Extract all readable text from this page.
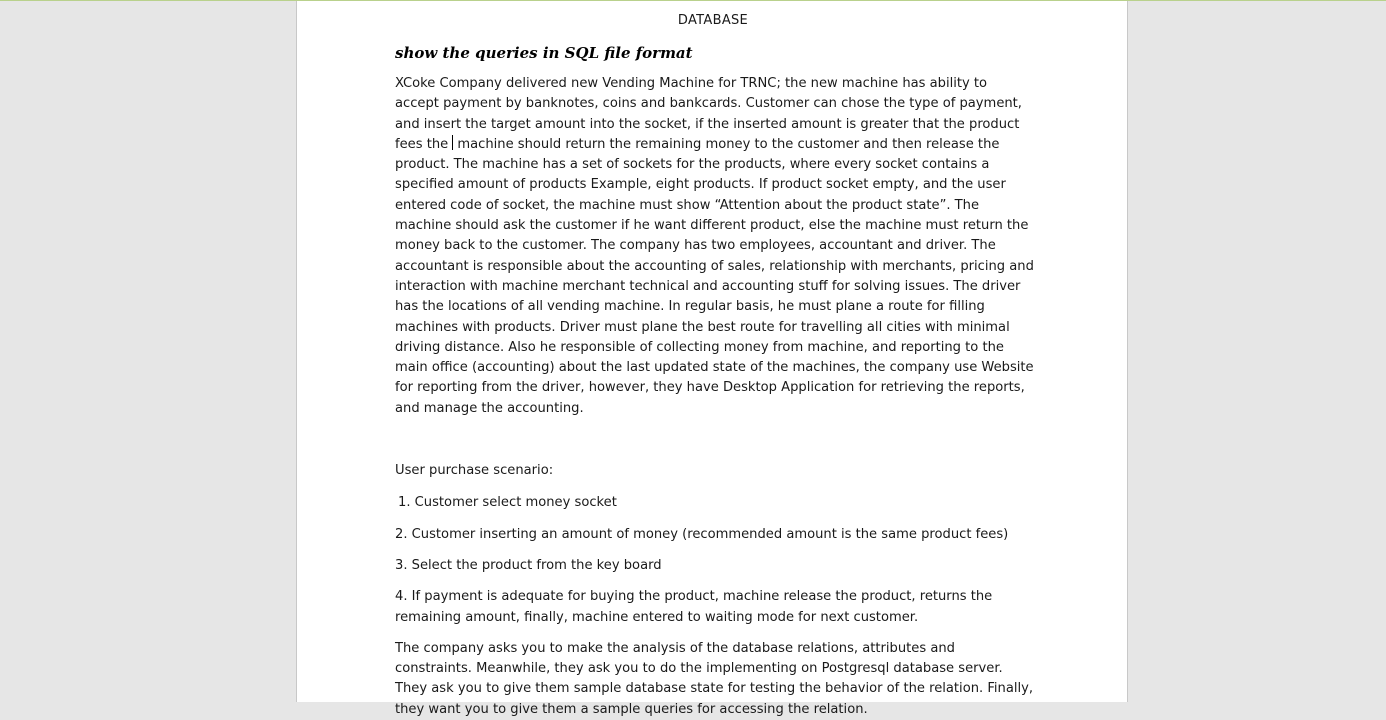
DATABASE
show the queries in SQL file format

XCoke Company delivered new Vending Machine for TRNC; the new machine has ability to accept payment by banknotes, coins and bankcards. Customer can chose the type of payment, and insert the target amount into the socket, if the inserted amount is greater that the product fees the machine should return the remaining money to the customer and then release the product. The machine has a set of sockets for the products, where every socket contains a specified amount of products Example, eight products. If product socket empty, and the user entered code of socket, the machine must show “Attention about the product state”. The machine should ask the customer if he want different product, else the machine must return the money back to the customer. The company has two employees, accountant and driver. The accountant is responsible about the accounting of sales, relationship with merchants, pricing and interaction with machine merchant technical and accounting stuff for solving issues. The driver has the locations of all vending machine. In regular basis, he must plane a route for filling machines with products. Driver must plane the best route for travelling all cities with minimal driving distance. Also he responsible of collecting money from machine, and reporting to the main office (accounting) about the last updated state of the machines, the company use Website for reporting from the driver, however, they have Desktop Application for retrieving the reports, and manage the accounting.

User purchase scenario:

1. Customer select money socket

2. Customer inserting an amount of money (recommended amount is the same product fees)

3. Select the product from the key board

4. If payment is adequate for buying the product, machine release the product, returns the remaining amount, finally, machine entered to waiting mode for next customer.

The company asks you to make the analysis of the database relations, attributes and constraints. Meanwhile, they ask you to do the implementing on Postgresql database server. They ask you to give them sample database state for testing the behavior of the relation. Finally, they want you to give them a sample queries for accessing the relation.
